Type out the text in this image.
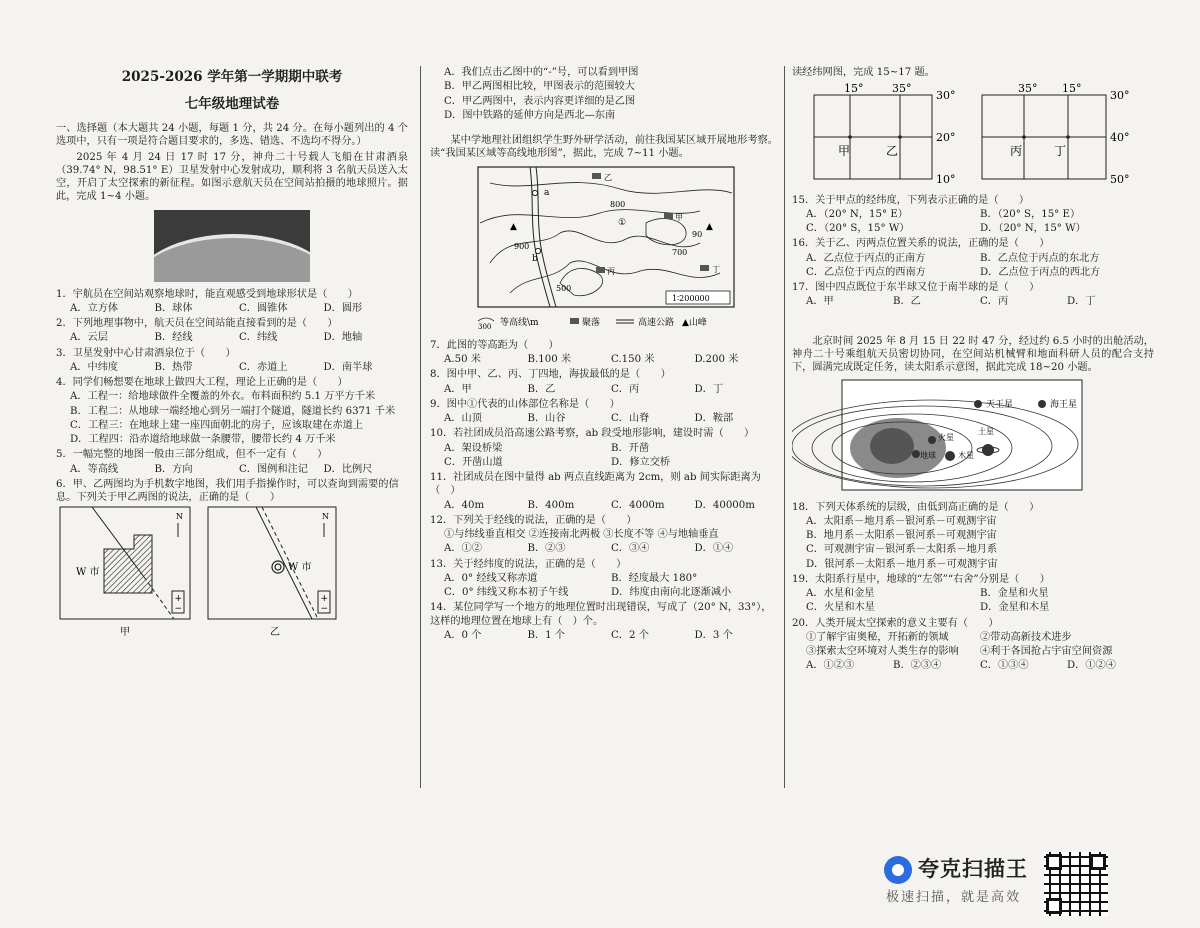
2025-2026 学年第一学期期中联考
七年级地理试卷
一、选择题（本大题共 24 小题，每题 1 分，共 24 分。在每小题列出的 4 个选项中，只有一项是符合题目要求的，多选、错选、不选均不得分。）
2025 年 4 月 24 日 17 时 17 分，神舟二十号载人飞船在甘肃酒泉（39.74° N，98.51° E）卫星发射中心发射成功，顺利将 3 名航天员送入太空，开启了太空探索的新征程。如图示意航天员在空间站拍摄的地球照片。据此，完成 1~4 小题。
1．宇航员在空间站观察地球时，能直观感受到地球形状是（　　）
A．立方体	B．球体	C．圆锥体	D．圆形
2．下列地理事物中，航天员在空间站能直接看到的是（　　）
A．云层	B．经线	C．纬线	D．地轴
3．卫星发射中心甘肃酒泉位于（　　）
A．中纬度	B．热带	C．赤道上	D．南半球
4．同学们畅想要在地球上做四大工程，理论上正确的是（　　）
A．工程一：给地球做件全覆盖的外衣。布料面积约 5.1 万平方千米
B．工程二：从地球一端经地心到另一端打个隧道，隧道长约 6371 千米
C．工程三：在地球上建一座四面朝北的房子，应该取建在赤道上
D．工程四：沿赤道给地球做一条腰带，腰带长约 4 万千米
5．一幅完整的地图一般由三部分组成，但不一定有（　　）
A．等高线	B．方向	C．图例和注记	D．比例尺
6．甲、乙两图均为手机数字地图，我们用手指操作时，可以查询到需要的信息。下列关于甲乙两图的说法，正确的是（　　）
W 市
N
+
−
甲
W 市
N
+
−
乙
A．我们点击乙图中的“-”号，可以看到甲图
B．甲乙两图相比较，甲图表示的范围较大
C．甲乙两图中，表示内容更详细的是乙图
D．图中铁路的延伸方向是西北—东南
某中学地理社团组织学生野外研学活动，前往我国某区域开展地形考察。读“我国某区域等高线地形图”，据此，完成 7~11 小题。
a
b
乙
甲
丙	丁
▲	▲
800
900
700
90
500
①
1∶200000
300 等高线\m	聚落	高速公路 ▲山峰
7．此图的等高距为（　　）
A.50 米	B.100 米	C.150 米	D.200 米
8．图中甲、乙、丙、丁四地，海拔最低的是（　　）
A．甲	B．乙	C．丙	D．丁
9．图中①代表的山体部位名称是（　　）
A．山顶	B．山谷	C．山脊	D．鞍部
10．若社团成员沿高速公路考察，ab 段受地形影响，建设时需（　　）
A．架设桥梁	B．开凿
C．开凿山道	D．修立交桥
11．社团成员在图中量得 ab 两点直线距离为 2cm，则 ab 间实际距离为（　）
A．40m	B．400m	C．4000m	D．40000m
12．下列关于经线的说法，正确的是（　　）
①与纬线垂直相交 ②连接南北两极 ③长度不等 ④与地轴垂直
A．①②	B．②③	C．③④	D．①④
13．关于经纬度的说法，正确的是（　　）
A．0° 经线又称赤道	B．经度最大 180°
C．0° 纬线又称本初子午线	D．纬度由南向北逐渐减小
14．某位同学写一个地方的地理位置时出现错误，写成了（20° N，33°），这样的地理位置在地球上有（　）个。
A．0 个	B．1 个	C．2 个	D．3 个
读经纬网图，完成 15~17 题。
15°	35°
30°
20°
10°
甲	乙
35° 15°
30°
40°
50°
丙	丁
15．关于甲点的经纬度，下列表示正确的是（　　）
A．（20° N，15° E）	B．（20° S，15° E）
C．（20° S，15° W）	D．（20° N，15° W）
16．关于乙、丙两点位置关系的说法，正确的是（　　）
A．乙点位于丙点的正南方	B．乙点位于丙点的东北方
C．乙点位于丙点的西南方	D．乙点位于丙点的西北方
17．图中四点既位于东半球又位于南半球的是（　　）
A．甲	B．乙	C．丙	D．丁
北京时间 2025 年 8 月 15 日 22 时 47 分，经过约 6.5 小时的出舱活动，神舟二十号乘组航天员密切协同，在空间站机械臂和地面科研人员的配合支持下，圆满完成既定任务，读太阳系示意图，据此完成 18~20 小题。
天王星	海王星
土星
火星
地球	木星
18．下列天体系统的层级，由低到高正确的是（　　）
A．太阳系－地月系－银河系－可观测宇宙
B．地月系－太阳系－银河系－可观测宇宙
C．可观测宇宙－银河系－太阳系－地月系
D．银河系－太阳系－地月系－可观测宇宙
19．太阳系行星中，地球的“左邻”“右舍”分别是（　　）
A．水星和金星	B．金星和火星
C．火星和木星	D．金星和木星
20．人类开展太空探索的意义主要有（　　）
①了解宇宙奥秘，开拓新的领域	②带动高新技术进步
③探索太空环境对人类生存的影响	④利于各国抢占宇宙空间资源
A．①②③	B．②③④	C．①③④	D．①②④
夸克扫描王
极速扫描，就是高效
